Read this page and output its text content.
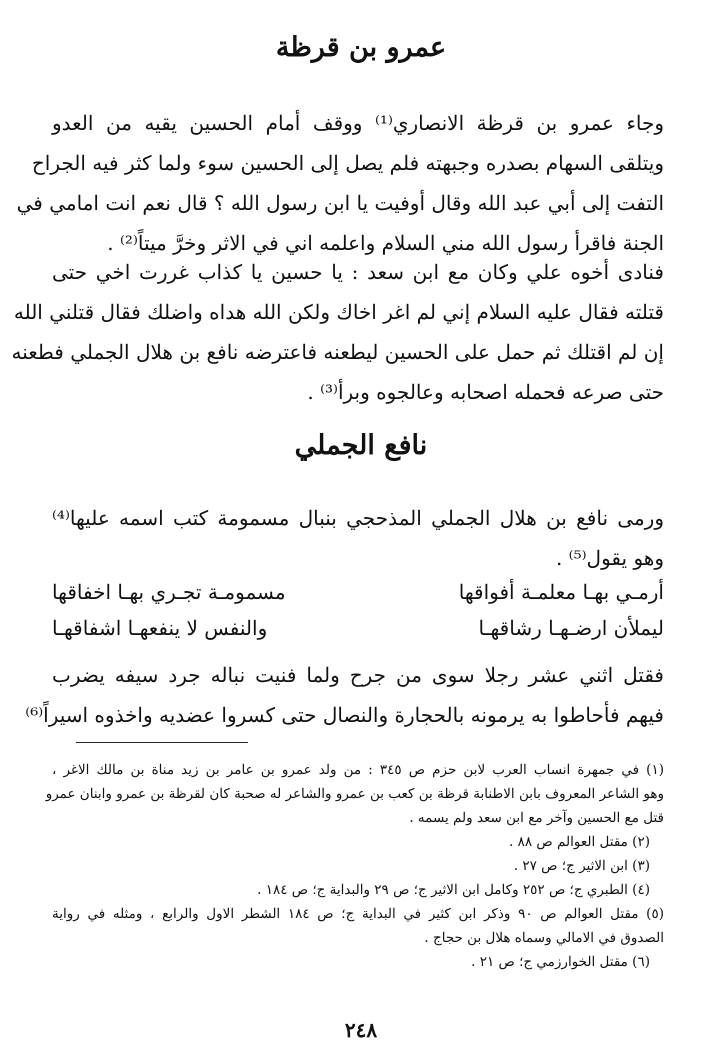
عمرو بن قرظة
وجاء عمرو بن قرظة الانصاري⁽¹⁾ ووقف أمام الحسين يقيه من العدو
ويتلقى السهام بصدره وجبهته فلم يصل إلى الحسين سوء ولما كثر فيه الجراح
التفت إلى أبي عبد الله وقال أوفيت يا ابن رسول الله ؟ قال نعم انت امامي في
الجنة فاقرأ رسول الله مني السلام واعلمه اني في الاثر وخرَّ ميتاً⁽²⁾ .
فنادى أخوه علي وكان مع ابن سعد : يا حسين يا كذاب غررت اخي حتى
قتلته فقال عليه السلام إني لم اغر اخاك ولكن الله هداه واضلك فقال قتلني الله
إن لم اقتلك ثم حمل على الحسين ليطعنه فاعترضه نافع بن هلال الجملي فطعنه
حتى صرعه فحمله اصحابه وعالجوه وبرأ⁽³⁾ .
نافع الجملي
ورمى نافع بن هلال الجملي المذحجي بنبال مسمومة كتب اسمه عليها⁽⁴⁾
وهو يقول⁽⁵⁾ .
أرمـي بهـا معلمـة أفواقها
مسمومـة تجـري بهـا اخفاقها
ليملأن ارضـهـا رشاقهـا
والنفس لا ينفعهـا اشفاقهـا
فقتل اثني عشر رجلا سوى من جرح ولما فنيت نباله جرد سيفه يضرب
فيهم فأحاطوا به يرمونه بالحجارة والنصال حتى كسروا عضديه واخذوه اسيراً⁽⁶⁾
(١) في جمهرة انساب العرب لابن حزم ص ٣٤٥ : من ولد عمرو بن عامر بن زيد مناة بن مالك الاغر ،
وهو الشاعر المعروف بابن الاطنابة قرظة بن كعب بن عمرو والشاعر له صحبة كان لقرظة بن عمرو وابنان عمرو
قتل مع الحسين وآخر مع ابن سعد ولم يسمه .
(٢) مقتل العوالم ص ٨٨ .
(٣) ابن الاثير ج؛ ص ٢٧ .
(٤) الطبري ج؛ ص ٢٥٢ وكامل ابن الاثير ج؛ ص ٢٩ والبداية ج؛ ص ١٨٤ .
(٥) مقتل العوالم ص ٩٠ وذكر ابن كثير في البداية ج؛ ص ١٨٤ الشطر الاول والرابع ، ومثله في رواية
الصدوق في الامالي وسماه هلال بن حجاج .
(٦) مقتل الخوارزمي ج؛ ص ٢١ .
٢٤٨
